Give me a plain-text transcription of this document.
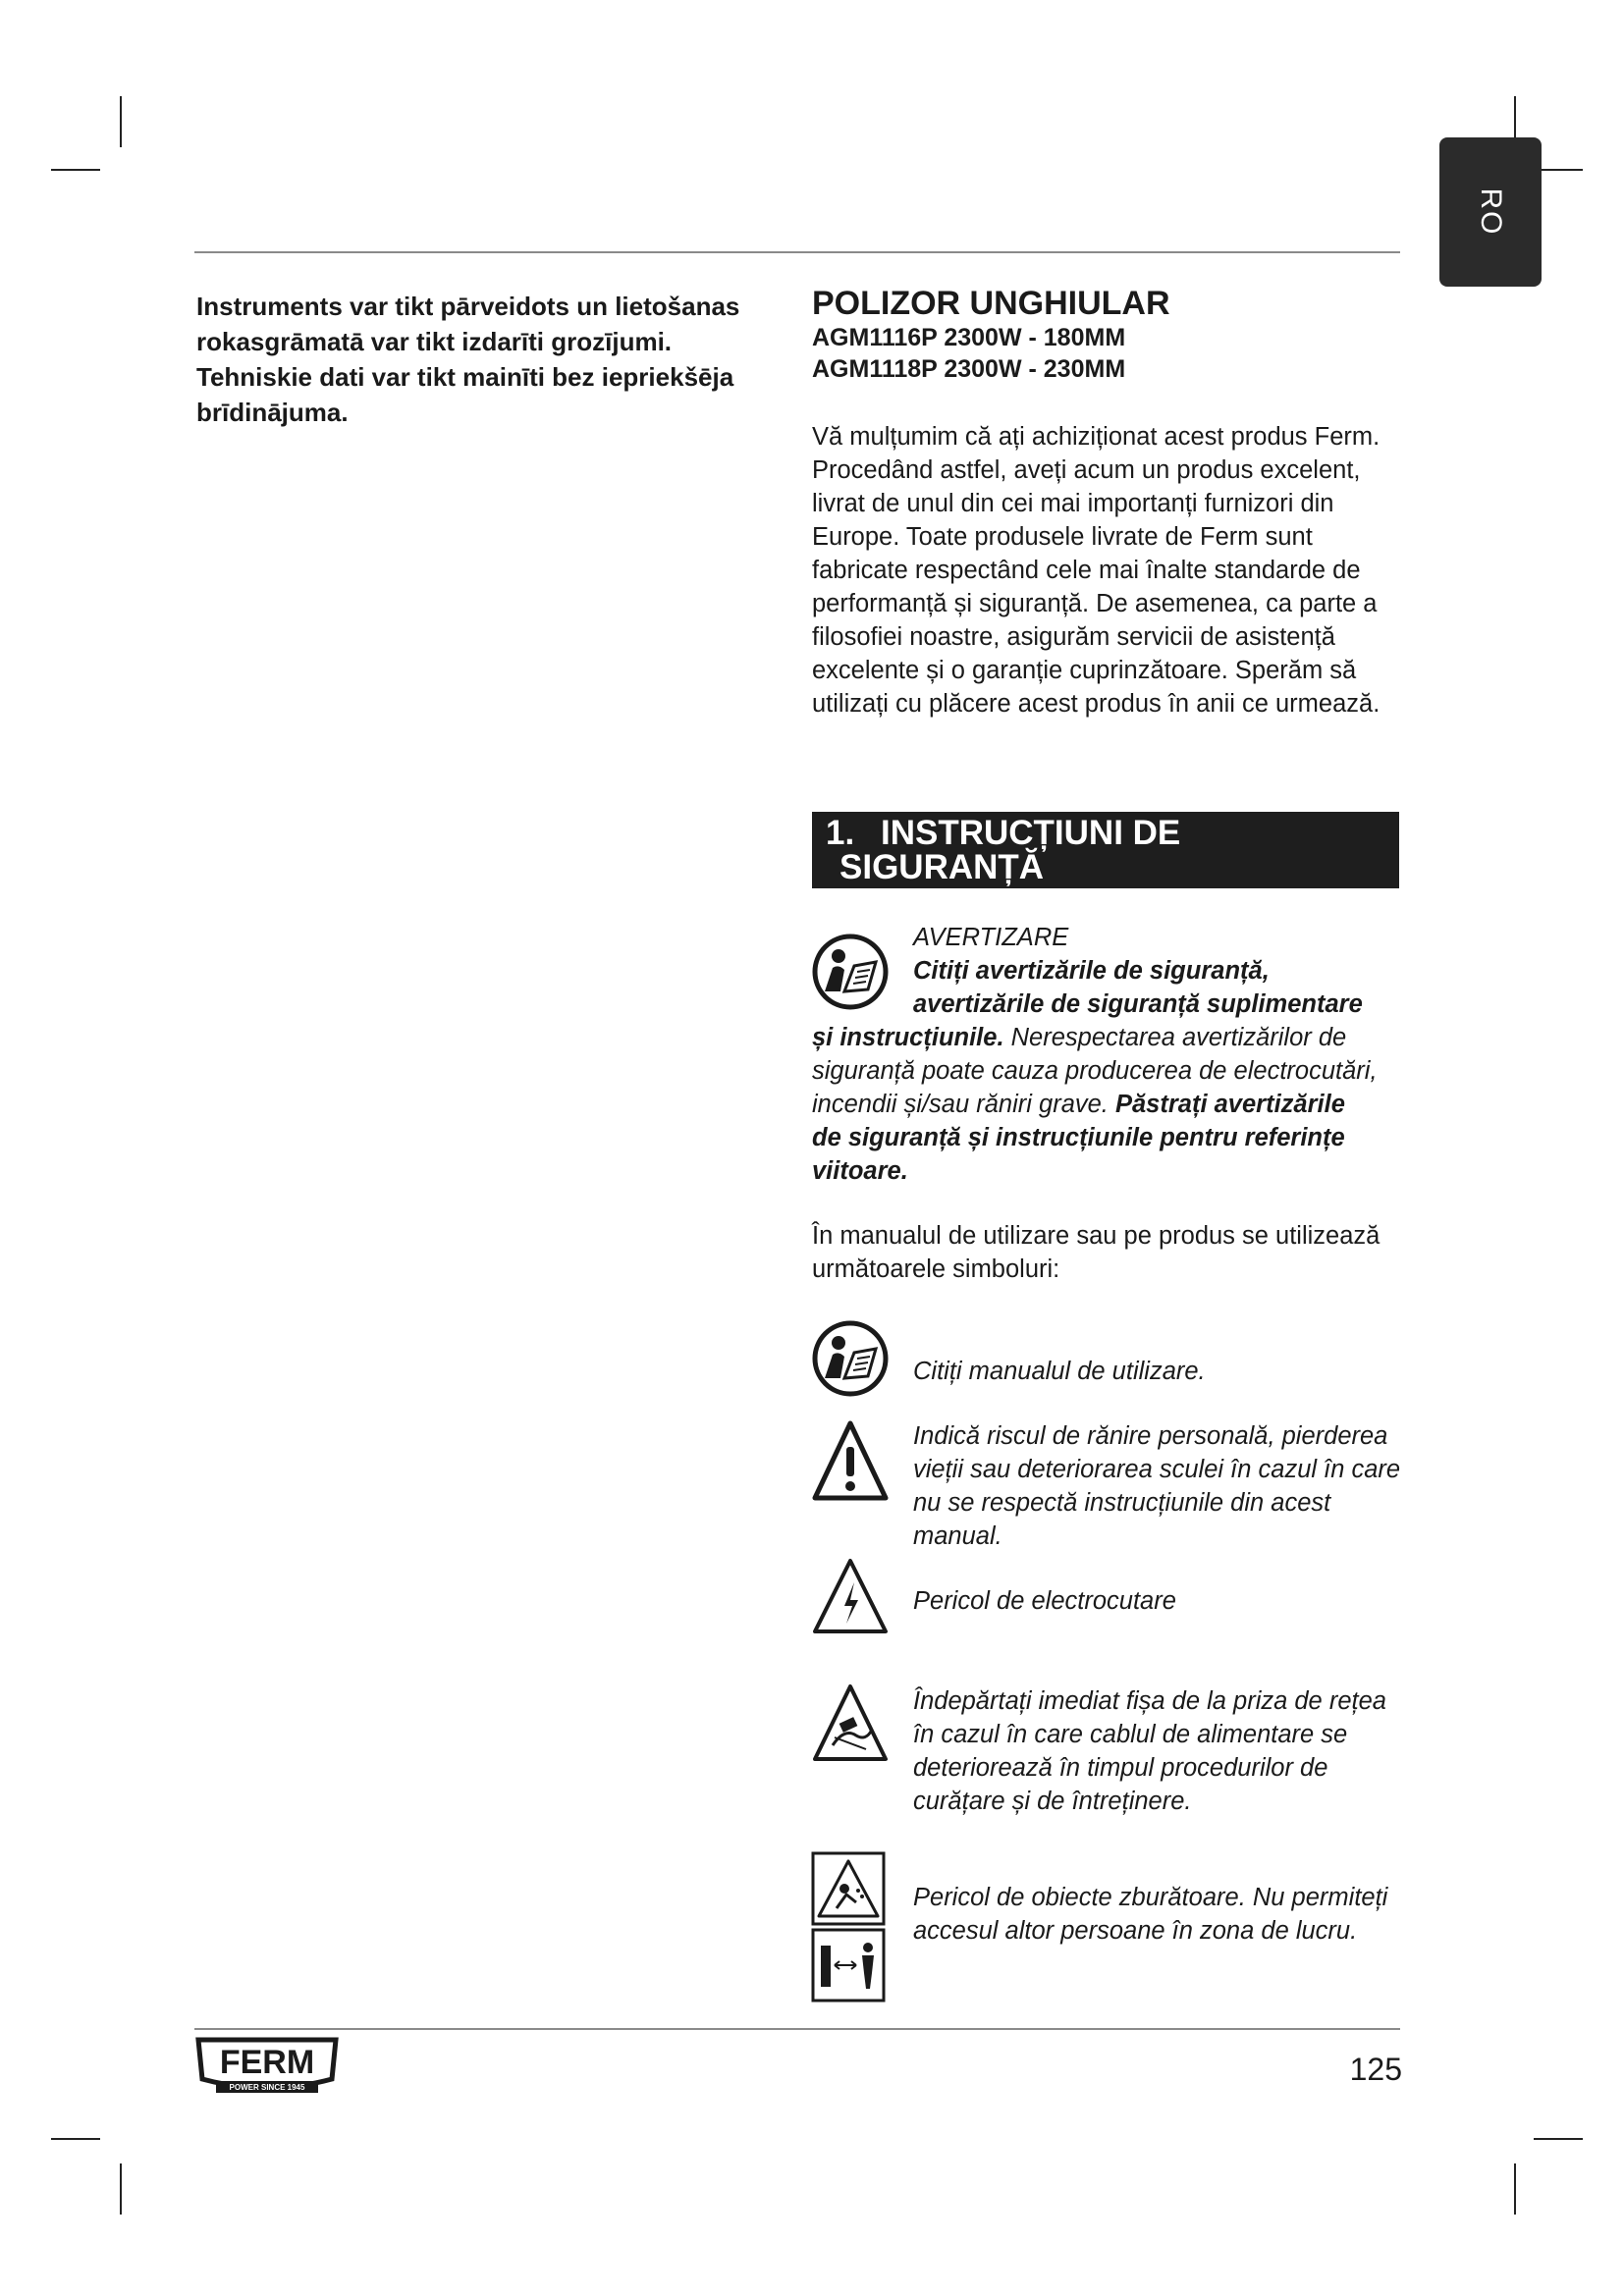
RO

Instruments var tikt pārveidots un lietošanas rokasgrāmatā var tikt izdarīti grozījumi.

Tehniskie dati var tikt mainīti bez iepriekšēja brīdinājuma.

POLIZOR UNGHIULAR
AGM1116P 2300W - 180MM
AGM1118P 2300W - 230MM

Vă mulțumim că ați achiziționat acest produs Ferm. Procedând astfel, aveți acum un produs excelent, livrat de unul din cei mai importanți furnizori din Europe. Toate produsele livrate de Ferm sunt fabricate respectând cele mai înalte standarde de performanță și siguranță. De asemenea, ca parte a filosofiei noastre, asigurăm servicii de asistență excelente și o garanție cuprinzătoare. Sperăm să utilizați cu plăcere acest produs în anii ce urmează.

1. INSTRUCȚIUNI DE
SIGURANȚĂ
AVERTIZARE
Citiți avertizările de siguranță,
avertizările de siguranță suplimentare
și instrucțiunile. Nerespectarea avertizărilor de
siguranță poate cauza producerea de electrocutări,
incendii și/sau răniri grave. Păstrați avertizările
de siguranță și instrucțiunile pentru referințe
viitoare.

În manualul de utilizare sau pe produs se utilizează următoarele simboluri:

Citiți manualul de utilizare.

Indică riscul de rănire personală, pierderea vieții sau deteriorarea sculei în cazul în care nu se respectă instrucțiunile din acest manual.

Pericol de electrocutare

Îndepărtați imediat fișa de la priza de rețea în cazul în care cablul de alimentare se deteriorează în timpul procedurilor de curățare și de întreținere.

Pericol de obiecte zburătoare. Nu permiteți accesul altor persoane în zona de lucru.

FERM
POWER SINCE 1945
125
